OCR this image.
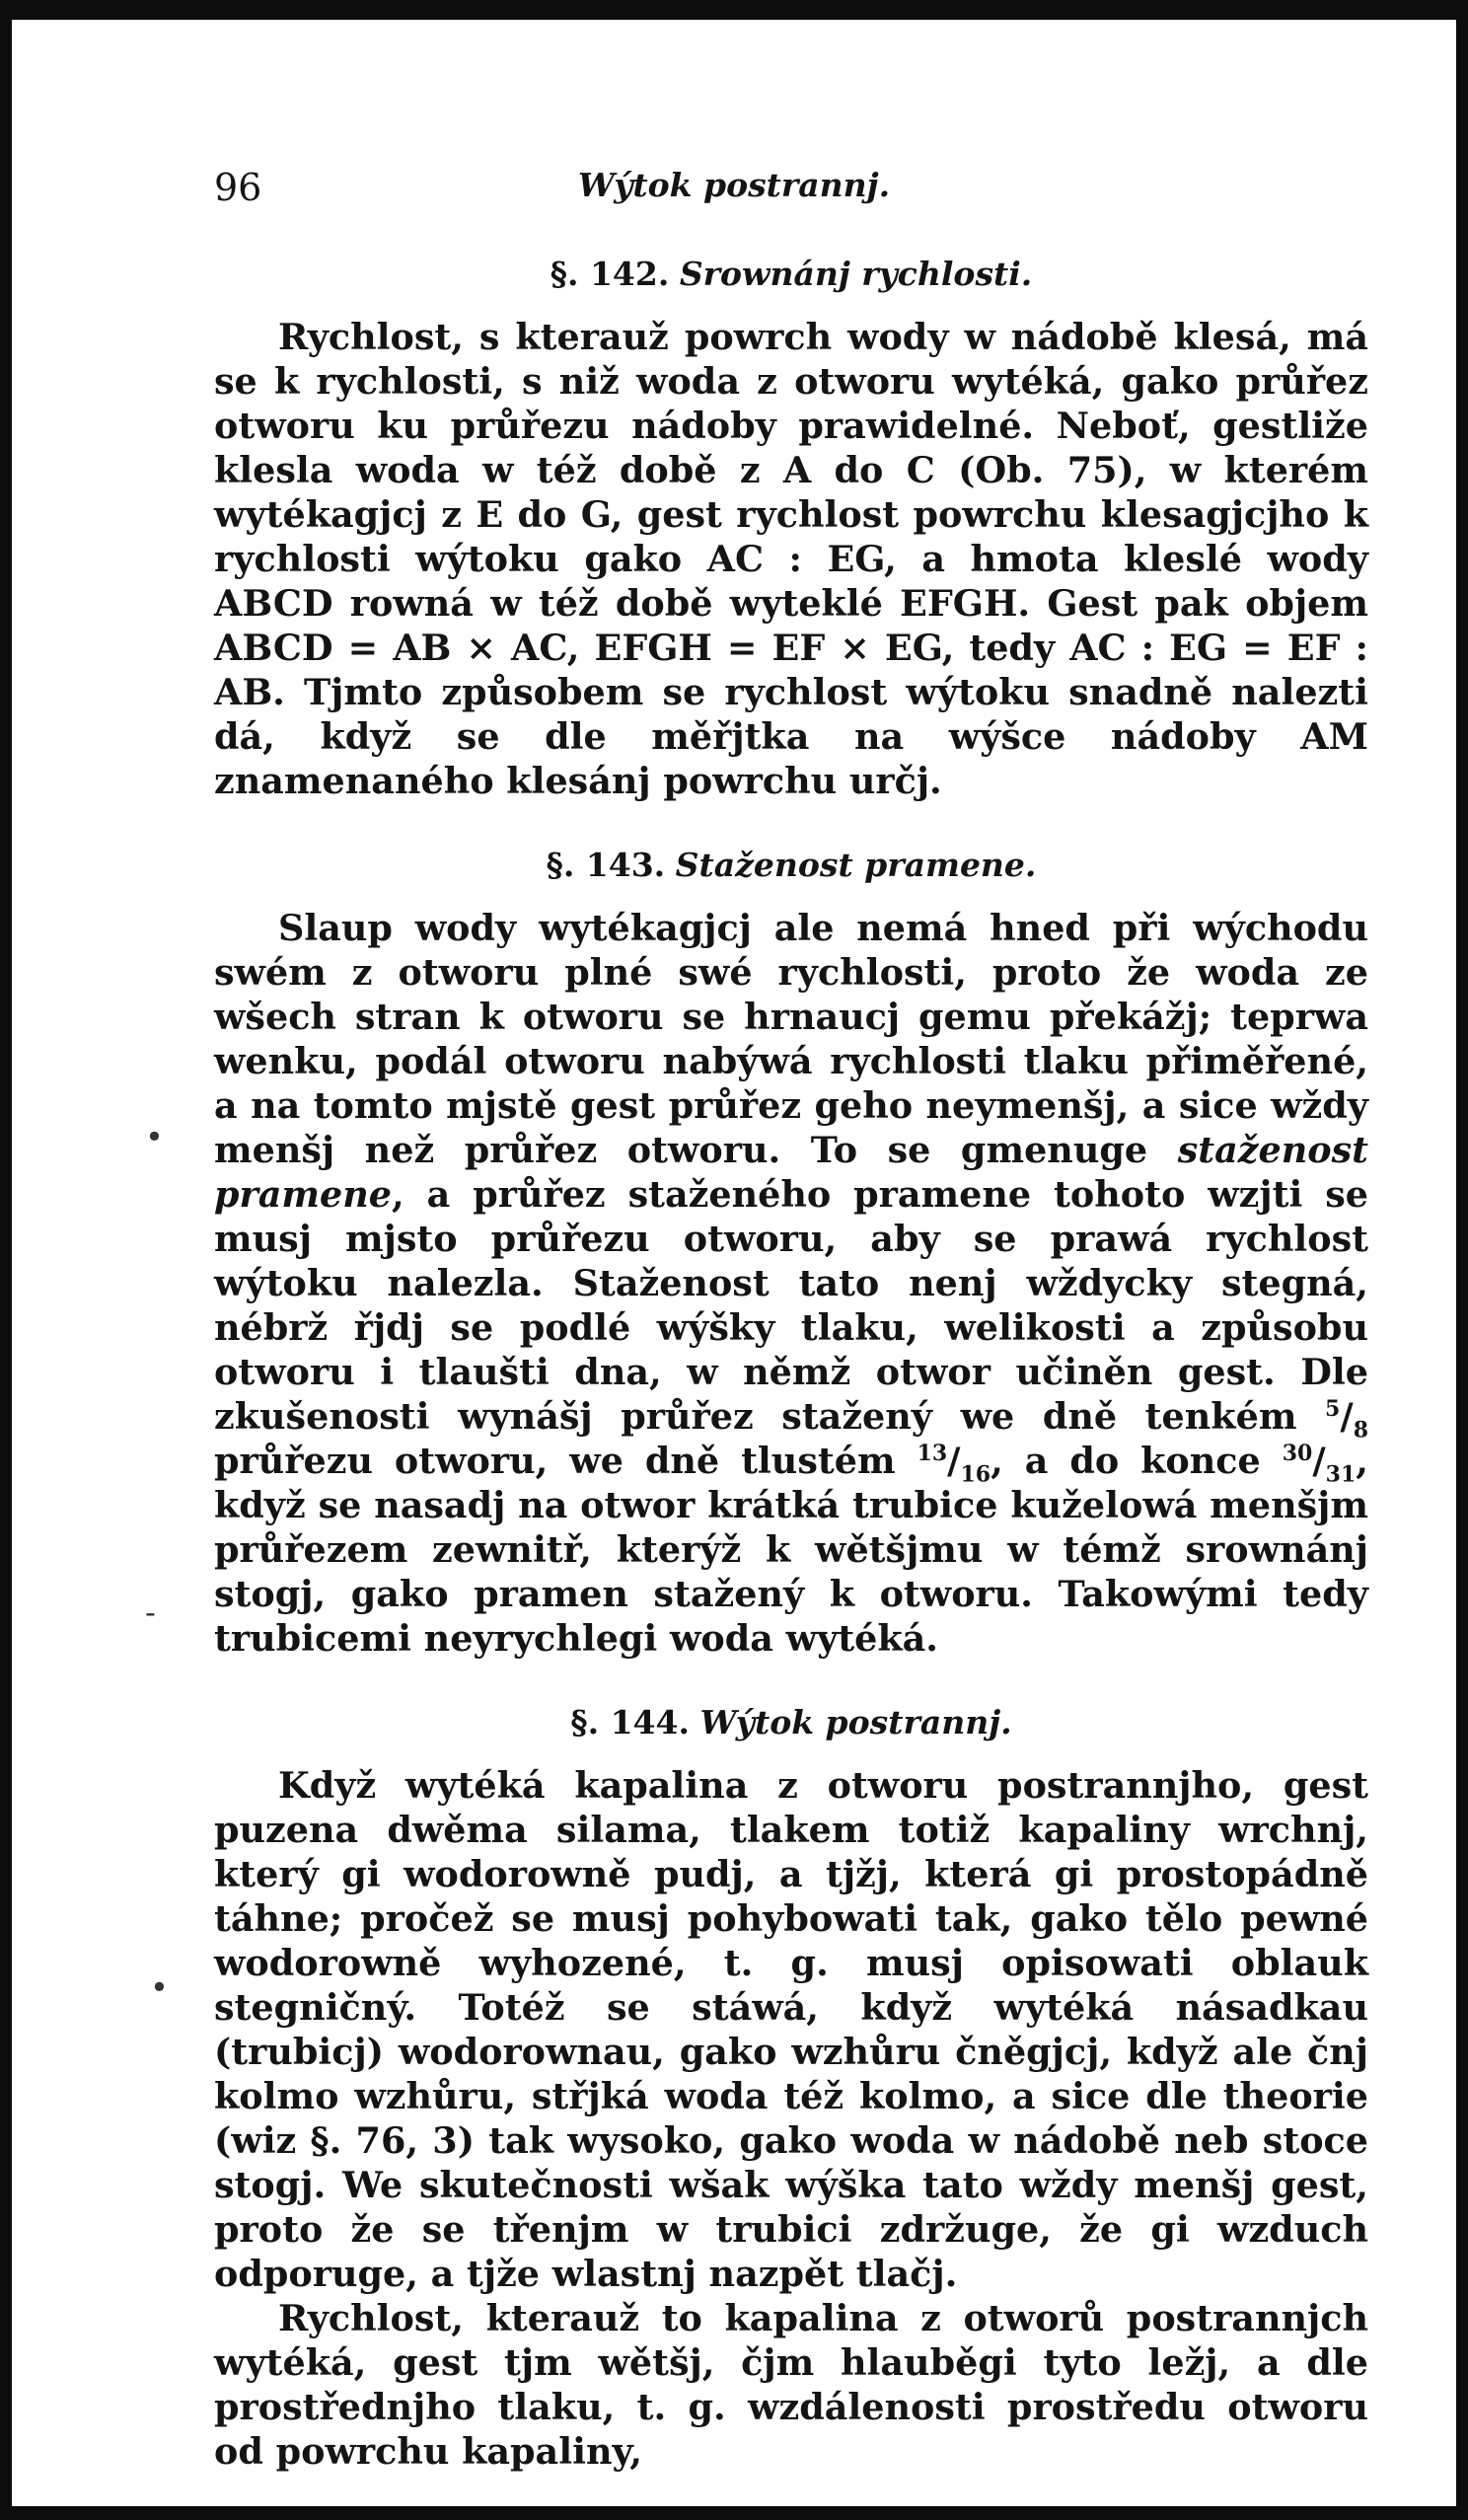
96	Wýtok postrannj.
•
-
•
§. 142. Srownánj rychlosti.

Rychlost, s kterauž powrch wody w nádobě klesá, má se k rychlosti, s niž woda z otworu wytéká, gako průřez otworu ku průřezu nádoby prawidelné. Neboť, gestliže klesla woda w též době z A do C (Ob. 75), w kterém wytékagjcj z E do G, gest rychlost powrchu klesagjcjho k rychlosti wýtoku gako AC : EG, a hmota kleslé wody ABCD rowná w též době wyteklé EFGH. Gest pak objem ABCD = AB × AC, EFGH = EF × EG, tedy AC : EG = EF : AB. Tjmto způsobem se rychlost wýtoku snadně nalezti dá, když se dle měřjtka na wýšce nádoby AM znamenaného klesánj powrchu určj.

§. 143. Staženost pramene.

Slaup wody wytékagjcj ale nemá hned při wýchodu swém z otworu plné swé rychlosti, proto že woda ze wšech stran k otworu se hrnaucj gemu překážj; teprwa wenku, podál otworu nabýwá rychlosti tlaku přiměřené, a na tomto mjstě gest průřez geho neymenšj, a sice wždy menšj než průřez otworu. To se gmenuge staženost pramene, a průřez staženého pramene tohoto wzjti se musj mjsto průřezu otworu, aby se prawá rychlost wýtoku nalezla. Staženost tato nenj wždycky stegná, nébrž řjdj se podlé wýšky tlaku, welikosti a způsobu otworu i tlaušti dna, w němž otwor učiněn gest. Dle zkušenosti wynášj průřez stažený we dně tenkém $^5/_8$ průřezu otworu, we dně tlustém $^{13}/_{16}$, a do konce $^{30}/_{31}$, když se nasadj na otwor krátká trubice kuželowá menšjm průřezem zewnitř, kterýž k wětšjmu w témž srownánj stogj, gako pramen stažený k otworu. Takowými tedy trubicemi neyrychlegi woda wytéká.

§. 144. Wýtok postrannj.

Když wytéká kapalina z otworu postrannjho, gest puzena dwěma silama, tlakem totiž kapaliny wrchnj, který gi wodorowně pudj, a tjžj, která gi prostopádně táhne; pročež se musj pohybowati tak, gako tělo pewné wodorowně wyhozené, t. g. musj opisowati oblauk stegničný. Totéž se stáwá, když wytéká násadkau (trubicj) wodorownau, gako wzhůru čněgjcj, když ale čnj kolmo wzhůru, střjká woda též kolmo, a sice dle theorie (wiz §. 76, 3) tak wysoko, gako woda w nádobě neb stoce stogj. We skutečnosti wšak wýška tato wždy menšj gest, proto že se třenjm w trubici zdržuge, že gi wzduch odporuge, a tjže wlastnj nazpět tlačj.

Rychlost, kterauž to kapalina z otworů postrannjch wytéká, gest tjm wětšj, čjm hlauběgi tyto ležj, a dle prostřednjho tlaku, t. g. wzdálenosti prostředu otworu od powrchu kapaliny,
